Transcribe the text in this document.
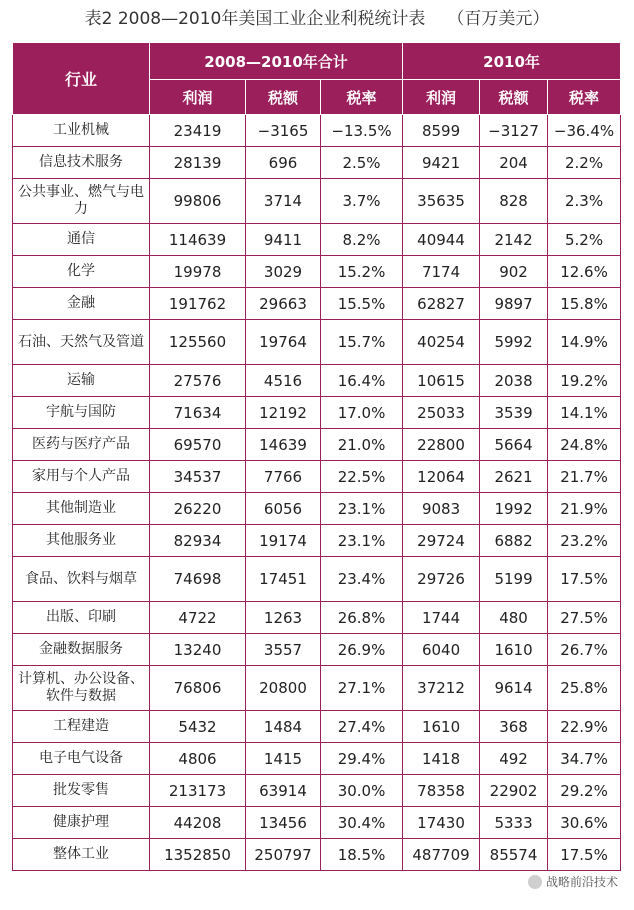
表2 2008—2010年美国工业企业利税统计表 （百万美元）
行业	2008—2010年合计			2010年		
	利润	税额	税率	利润	税额	税率
工业机械	23419	−3165	−13.5%	8599	−3127	−36.4%
信息技术服务	28139	696	2.5%	9421	204	2.2%
公共事业、燃气与电力	99806	3714	3.7%	35635	828	2.3%
通信	114639	9411	8.2%	40944	2142	5.2%
化学	19978	3029	15.2%	7174	902	12.6%
金融	191762	29663	15.5%	62827	9897	15.8%
石油、天然气及管道	125560	19764	15.7%	40254	5992	14.9%
运输	27576	4516	16.4%	10615	2038	19.2%
宇航与国防	71634	12192	17.0%	25033	3539	14.1%
医药与医疗产品	69570	14639	21.0%	22800	5664	24.8%
家用与个人产品	34537	7766	22.5%	12064	2621	21.7%
其他制造业	26220	6056	23.1%	9083	1992	21.9%
其他服务业	82934	19174	23.1%	29724	6882	23.2%
食品、饮料与烟草	74698	17451	23.4%	29726	5199	17.5%
出版、印刷	4722	1263	26.8%	1744	480	27.5%
金融数据服务	13240	3557	26.9%	6040	1610	26.7%
计算机、办公设备、软件与数据	76806	20800	27.1%	37212	9614	25.8%
工程建造	5432	1484	27.4%	1610	368	22.9%
电子电气设备	4806	1415	29.4%	1418	492	34.7%
批发零售	213173	63914	30.0%	78358	22902	29.2%
健康护理	44208	13456	30.4%	17430	5333	30.6%
整体工业	1352850	250797	18.5%	487709	85574	17.5%
战略前沿技术
